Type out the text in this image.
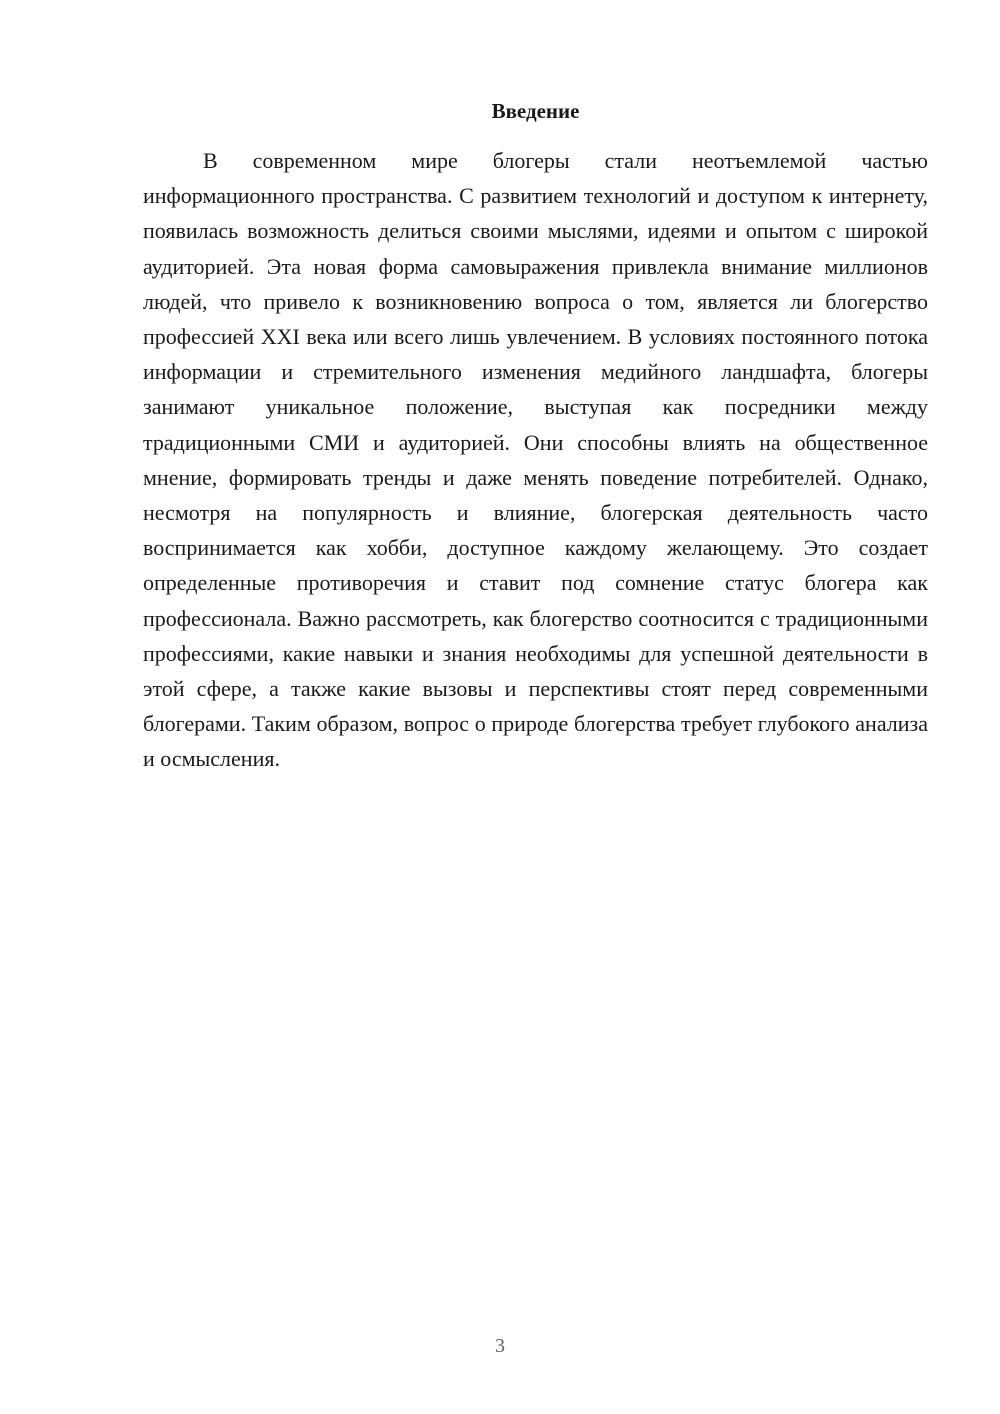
Введение

В современном мире блогеры стали неотъемлемой частью информационного пространства. С развитием технологий и доступом к интернету, появилась возможность делиться своими мыслями, идеями и опытом с широкой аудиторией. Эта новая форма самовыражения привлекла внимание миллионов людей, что привело к возникновению вопроса о том, является ли блогерство профессией XXI века или всего лишь увлечением. В условиях постоянного потока информации и стремительного изменения медийного ландшафта, блогеры занимают уникальное положение, выступая как посредники между традиционными СМИ и аудиторией. Они способны влиять на общественное мнение, формировать тренды и даже менять поведение потребителей. Однако, несмотря на популярность и влияние, блогерская деятельность часто воспринимается как хобби, доступное каждому желающему. Это создает определенные противоречия и ставит под сомнение статус блогера как профессионала. Важно рассмотреть, как блогерство соотносится с традиционными профессиями, какие навыки и знания необходимы для успешной деятельности в этой сфере, а также какие вызовы и перспективы стоят перед современными блогерами. Таким образом, вопрос о природе блогерства требует глубокого анализа и осмысления.

3
